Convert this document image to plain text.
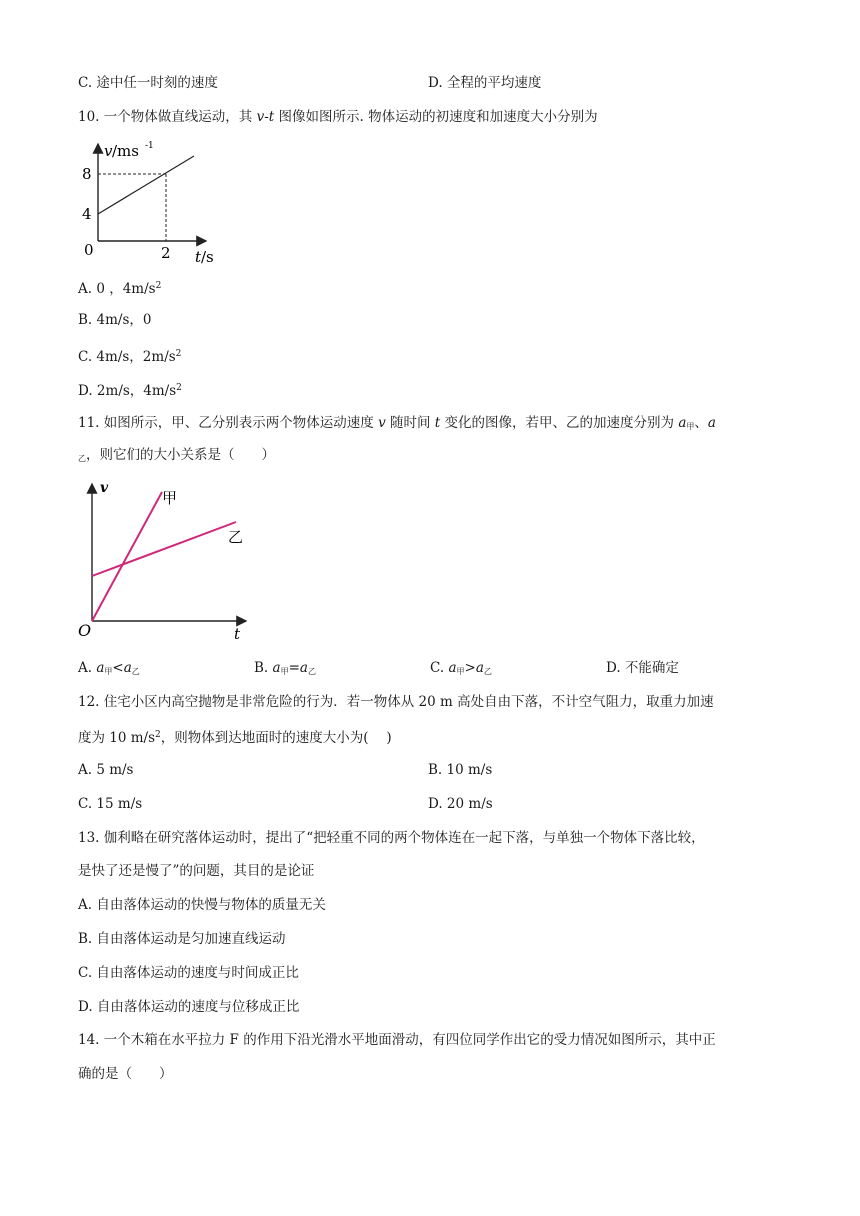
C. 途中任一时刻的速度	D. 全程的平均速度
10. 一个物体做直线运动，其 v-t 图像如图所示. 物体运动的初速度和加速度大小分别为
v /ms -1
8
4
0	2 t /s
A. 0 ，$4m/s^2$
B. 4m/s，0
C. 4m/s，$2m/s^2$
D. 2m/s，$4m/s^2$
11. 如图所示，甲、乙分别表示两个物体运动速度 v 随时间 t 变化的图像，若甲、乙的加速度分别为 $a_甲$、a
$_乙$，则它们的大小关系是（　　）
v
t
O
甲
乙
A. $a_甲<a_乙$	B. $a_甲=a_乙$	C. $a_甲>a_乙$	D. 不能确定
12. 住宅小区内高空抛物是非常危险的行为．若一物体从 20 m 高处自由下落，不计空气阻力，取重力加速
度为 10 $m/s^2$，则物体到达地面时的速度大小为(　 )
A. 5 m/s	B. 10 m/s
C. 15 m/s	D. 20 m/s
13. 伽利略在研究落体运动时，提出了“把轻重不同的两个物体连在一起下落，与单独一个物体下落比较，
是快了还是慢了”的问题，其目的是论证
A. 自由落体运动的快慢与物体的质量无关
B. 自由落体运动是匀加速直线运动
C. 自由落体运动的速度与时间成正比
D. 自由落体运动的速度与位移成正比
14. 一个木箱在水平拉力 F 的作用下沿光滑水平地面滑动，有四位同学作出它的受力情况如图所示，其中正
确的是（　　）
